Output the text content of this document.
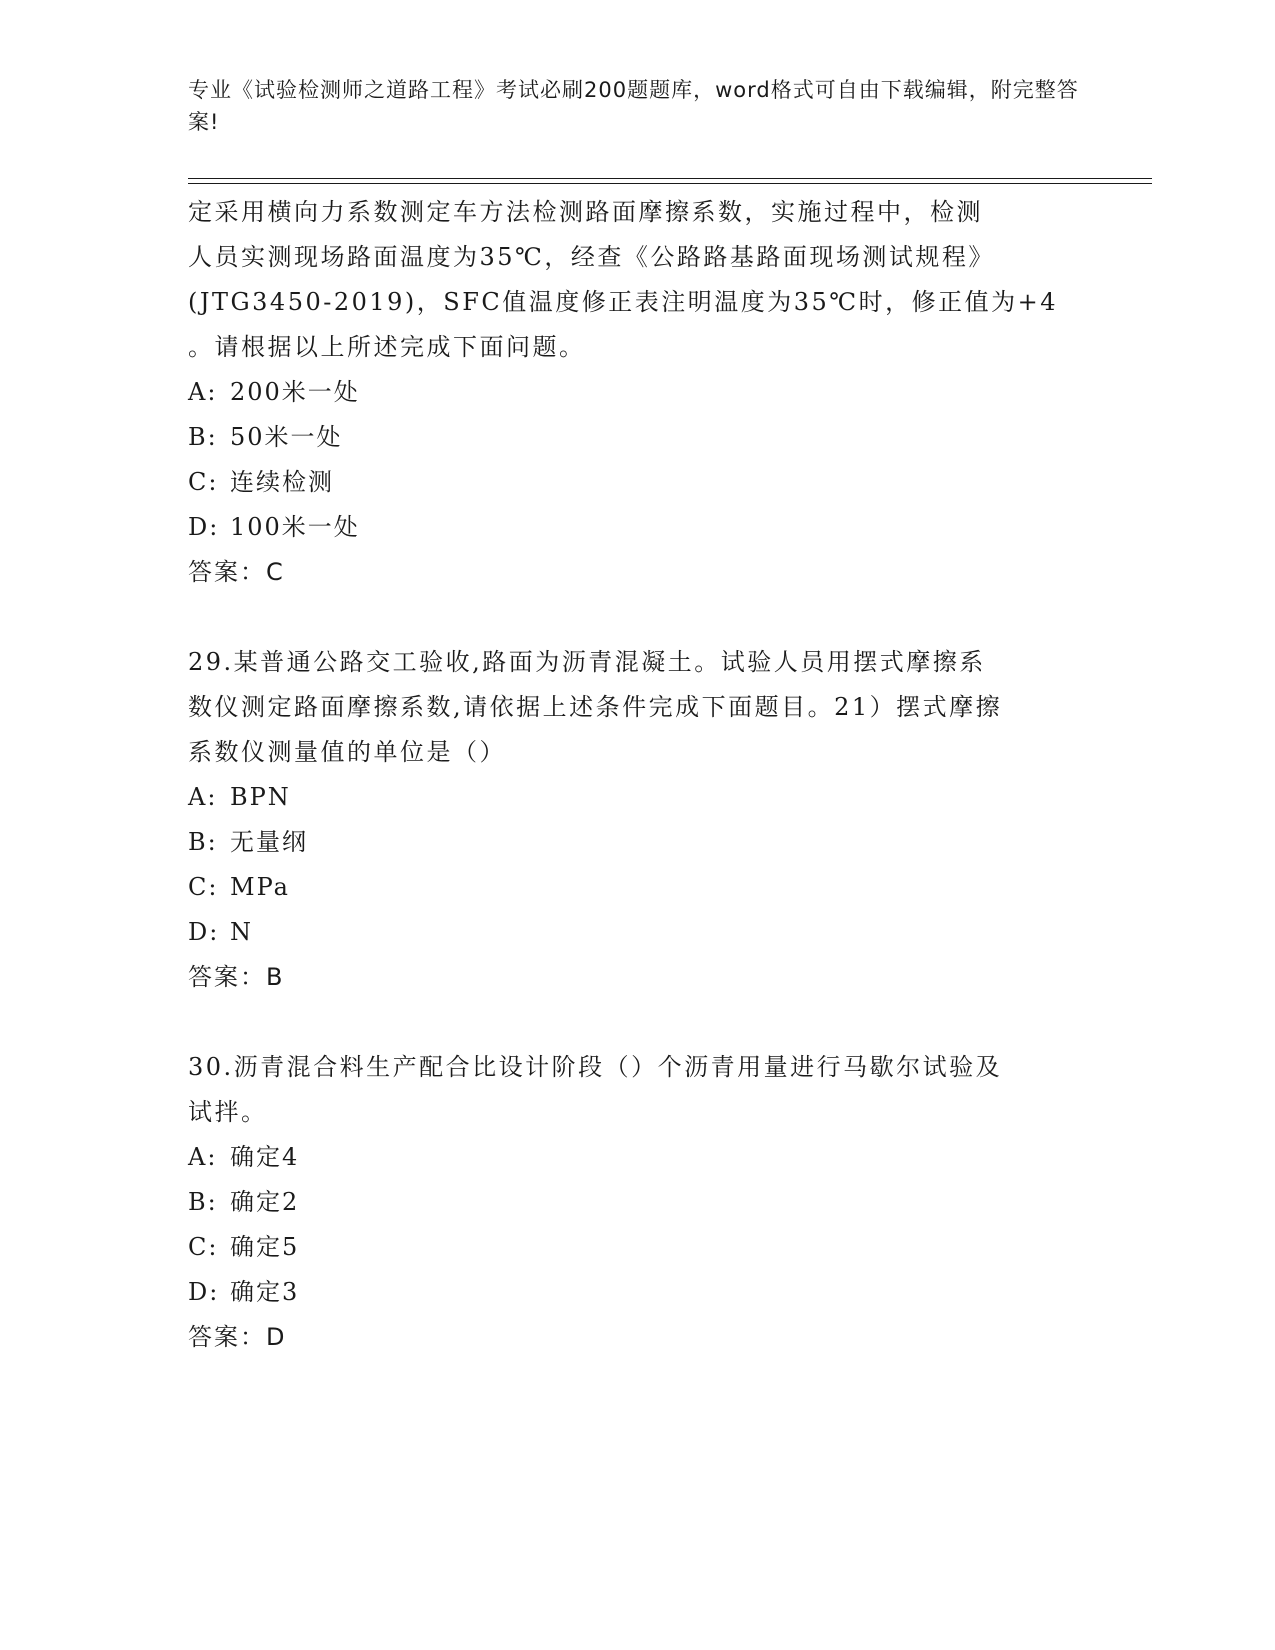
专业《试验检测师之道路工程》考试必刷200题题库，word格式可自由下载编辑，附完整答案!

定采用横向力系数测定车方法检测路面摩擦系数，实施过程中，检测

人员实测现场路面温度为35℃，经查《公路路基路面现场测试规程》

(JTG3450-2019)，SFC值温度修正表注明温度为35℃时，修正值为+4

。请根据以上所述完成下面问题。

A: 200米一处

B: 50米一处

C: 连续检测

D: 100米一处

答案：C

29.某普通公路交工验收,路面为沥青混凝土。试验人员用摆式摩擦系

数仪测定路面摩擦系数,请依据上述条件完成下面题目。21）摆式摩擦

系数仪测量值的单位是（）

A: BPN

B: 无量纲

C: MPa

D: N

答案：B

30.沥青混合料生产配合比设计阶段（）个沥青用量进行马歇尔试验及

试拌。

A: 确定4

B: 确定2

C: 确定5

D: 确定3

答案：D
